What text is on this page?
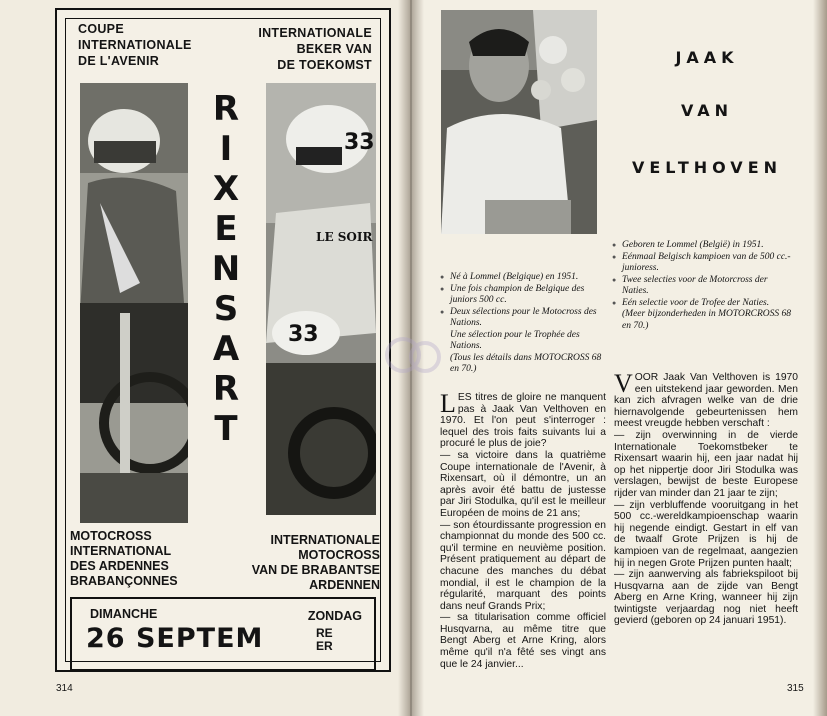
COUPE
INTERNATIONALE
DE L'AVENIR
INTERNATIONALE
BEKER VAN
DE TOEKOMST
R
I
X
E
N
S
A
R
T
33
LE SOIR
33
MOTOCROSS
INTERNATIONAL
DES ARDENNES
BRABANÇONNES
INTERNATIONALE
MOTOCROSS
VAN DE BRABANTSE
ARDENNEN
DIMANCHE	ZONDAG
26 SEPTEM	RE
ER
314
JAAK
VAN
VELTHOVEN
● Né à Lommel (Belgique) en 1951.
● Une fois champion de Belgique des juniors 500 cc.
● Deux sélections pour le Motocross des Nations.
Une sélection pour le Trophée des Nations.
(Tous les détails dans MOTOCROSS 68 en 70.)
● Geboren te Lommel (België) in 1951.
● Eénmaal Belgisch kampioen van de 500 cc.-junioress.
● Twee selecties voor de Motorcross der Naties.
● Eén selectie voor de Trofee der Naties.
(Meer bijzonderheden in MOTORCROSS 68 en 70.)

LES titres de gloire ne manquent pas à Jaak Van Velthoven en 1970. Et l'on peut s'interroger : lequel des trois faits suivants lui a procuré le plus de joie?

— sa victoire dans la quatrième Coupe internationale de l'Avenir, à Rixensart, où il démontre, un an après avoir été battu de justesse par Jiri Stodulka, qu'il est le meilleur Européen de moins de 21 ans;

— son étourdissante progression en championnat du monde des 500 cc. qu'il termine en neuvième position. Présent pratiquement au départ de chacune des manches du débat mondial, il est le champion de la régularité, marquant des points dans neuf Grands Prix;

— sa titularisation comme officiel Husqvarna, au même titre que Bengt Aberg et Arne Kring, alors même qu'il n'a fêté ses vingt ans que le 24 janvier...

VOOR Jaak Van Velthoven is 1970 een uitstekend jaar geworden. Men kan zich afvragen welke van de drie hiernavolgende gebeurtenissen hem meest vreugde hebben verschaft :

— zijn overwinning in de vierde Internationale Toekomstbeker te Rixensart waarin hij, een jaar nadat hij op het nippertje door Jiri Stodulka was verslagen, bewijst de beste Europese rijder van minder dan 21 jaar te zijn;

— zijn verbluffende vooruitgang in het 500 cc.-wereldkampioenschap waarin hij negende eindigt. Gestart in elf van de twaalf Grote Prijzen is hij de kampioen van de regelmaat, aangezien hij in negen Grote Prijzen punten haalt;

— zijn aanwerving als fabriekspiloot bij Husqvarna aan de zijde van Bengt Aberg en Arne Kring, wanneer hij zijn twintigste verjaardag nog niet heeft gevierd (geboren op 24 januari 1951).

315
